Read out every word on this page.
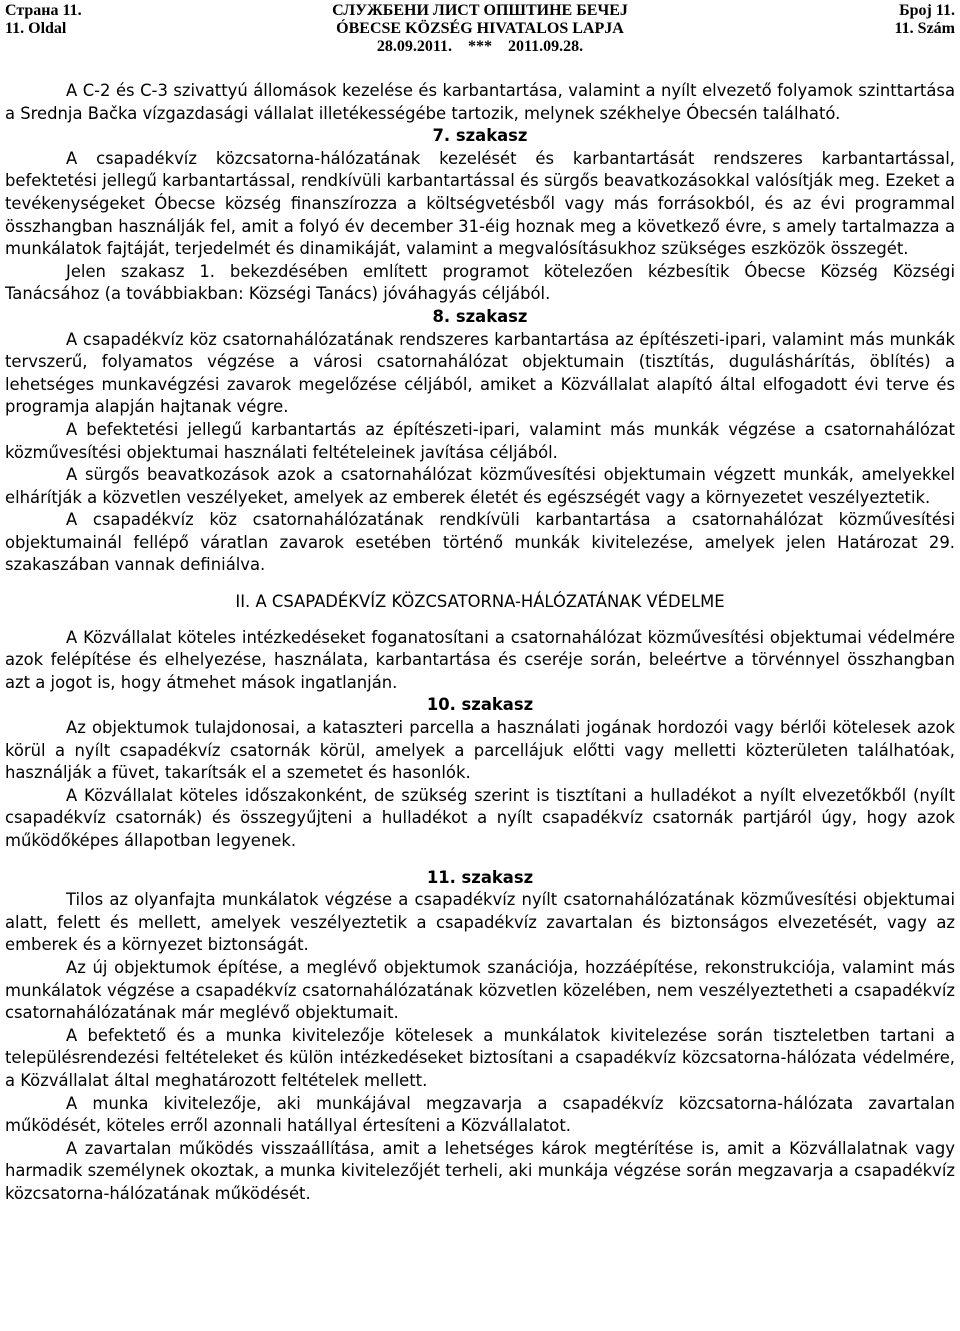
Страна 11.
11. Oldal
СЛУЖБЕНИ ЛИСТ ОПШТИНЕ БЕЧЕЈ
ÓBECSE KÖZSÉG HIVATALOS LAPJA
28.09.2011. *** 2011.09.28.
Број 11.
11. Szám

A C-2 és C-3 szivattyú állomások kezelése és karbantartása, valamint a nyílt elvezető folyamok szinttartása a Srednja Bačka vízgazdasági vállalat illetékességébe tartozik, melynek székhelye Óbecsén található.

7. szakasz

A csapadékvíz közcsatorna-hálózatának kezelését és karbantartását rendszeres karbantartással, befektetési jellegű karbantartással, rendkívüli karbantartással és sürgős beavatkozásokkal valósítják meg. Ezeket a tevékenységeket Óbecse község finanszírozza a költségvetésből vagy más forrásokból, és az évi programmal összhangban használják fel, amit a folyó év december 31-éig hoznak meg a következő évre, s amely tartalmazza a munkálatok fajtáját, terjedelmét és dinamikáját, valamint a megvalósításukhoz szükséges eszközök összegét.

Jelen szakasz 1. bekezdésében említett programot kötelezően kézbesítik Óbecse Község Községi Tanácsához (a továbbiakban: Községi Tanács) jóváhagyás céljából.

8. szakasz

A csapadékvíz köz csatornahálózatának rendszeres karbantartása az építészeti-ipari, valamint más munkák tervszerű, folyamatos végzése a városi csatornahálózat objektumain (tisztítás, duguláshárítás, öblítés) a lehetséges munkavégzési zavarok megelőzése céljából, amiket a Közvállalat alapító által elfogadott évi terve és programja alapján hajtanak végre.

A befektetési jellegű karbantartás az építészeti-ipari, valamint más munkák végzése a csatornahálózat közművesítési objektumai használati feltételeinek javítása céljából.

A sürgős beavatkozások azok a csatornahálózat közművesítési objektumain végzett munkák, amelyekkel elhárítják a közvetlen veszélyeket, amelyek az emberek életét és egészségét vagy a környezetet veszélyeztetik.

A csapadékvíz köz csatornahálózatának rendkívüli karbantartása a csatornahálózat közművesítési objektumainál fellépő váratlan zavarok esetében történő munkák kivitelezése, amelyek jelen Határozat 29. szakaszában vannak definiálva.

II. A CSAPADÉKVÍZ KÖZCSATORNA-HÁLÓZATÁNAK VÉDELME

A Közvállalat köteles intézkedéseket foganatosítani a csatornahálózat közművesítési objektumai védelmére azok felépítése és elhelyezése, használata, karbantartása és cseréje során, beleértve a törvénnyel összhangban azt a jogot is, hogy átmehet mások ingatlanján.

10. szakasz

Az objektumok tulajdonosai, a kataszteri parcella a használati jogának hordozói vagy bérlői kötelesek azok körül a nyílt csapadékvíz csatornák körül, amelyek a parcellájuk előtti vagy melletti közterületen találhatóak, használják a füvet, takarítsák el a szemetet és hasonlók.

A Közvállalat köteles időszakonként, de szükség szerint is tisztítani a hulladékot a nyílt elvezetőkből (nyílt csapadékvíz csatornák) és összegyűjteni a hulladékot a nyílt csapadékvíz csatornák partjáról úgy, hogy azok működőképes állapotban legyenek.

11. szakasz

Tilos az olyanfajta munkálatok végzése a csapadékvíz nyílt csatornahálózatának közművesítési objektumai alatt, felett és mellett, amelyek veszélyeztetik a csapadékvíz zavartalan és biztonságos elvezetését, vagy az emberek és a környezet biztonságát.

Az új objektumok építése, a meglévő objektumok szanációja, hozzáépítése, rekonstrukciója, valamint más munkálatok végzése a csapadékvíz csatornahálózatának közvetlen közelében, nem veszélyeztetheti a csapadékvíz csatornahálózatának már meglévő objektumait.

A befektető és a munka kivitelezője kötelesek a munkálatok kivitelezése során tiszteletben tartani a településrendezési feltételeket és külön intézkedéseket biztosítani a csapadékvíz közcsatorna-hálózata védelmére, a Közvállalat által meghatározott feltételek mellett.

A munka kivitelezője, aki munkájával megzavarja a csapadékvíz közcsatorna-hálózata zavartalan működését, köteles erről azonnali hatállyal értesíteni a Közvállalatot.

A zavartalan működés visszaállítása, amit a lehetséges károk megtérítése is, amit a Közvállalatnak vagy harmadik személynek okoztak, a munka kivitelezőjét terheli, aki munkája végzése során megzavarja a csapadékvíz közcsatorna-hálózatának működését.
